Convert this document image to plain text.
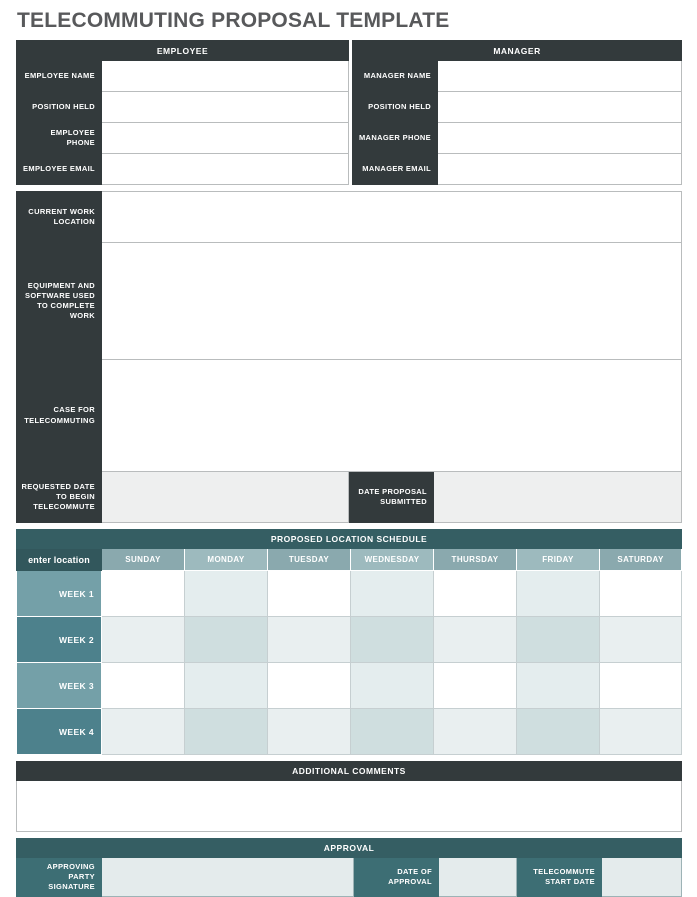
TELECOMMUTING PROPOSAL TEMPLATE
EMPLOYEE			MANAGER	
EMPLOYEE NAME			MANAGER NAME	
POSITION HELD			POSITION HELD	
EMPLOYEE PHONE			MANAGER PHONE	
EMPLOYEE EMAIL			MANAGER EMAIL	
CURRENT WORK LOCATION			
EQUIPMENT AND SOFTWARE USED TO COMPLETE WORK			
CASE FOR TELECOMMUTING			
REQUESTED DATE TO BEGIN TELECOMMUTE		DATE PROPOSAL SUBMITTED	
PROPOSED LOCATION SCHEDULE							
enter location	SUNDAY	MONDAY	TUESDAY	WEDNESDAY	THURSDAY	FRIDAY	SATURDAY
WEEK 1							
WEEK 2							
WEEK 3							
WEEK 4							
ADDITIONAL COMMENTS

APPROVAL
APPROVING PARTY SIGNATURE		DATE OF APPROVAL		TELECOMMUTE START DATE	
